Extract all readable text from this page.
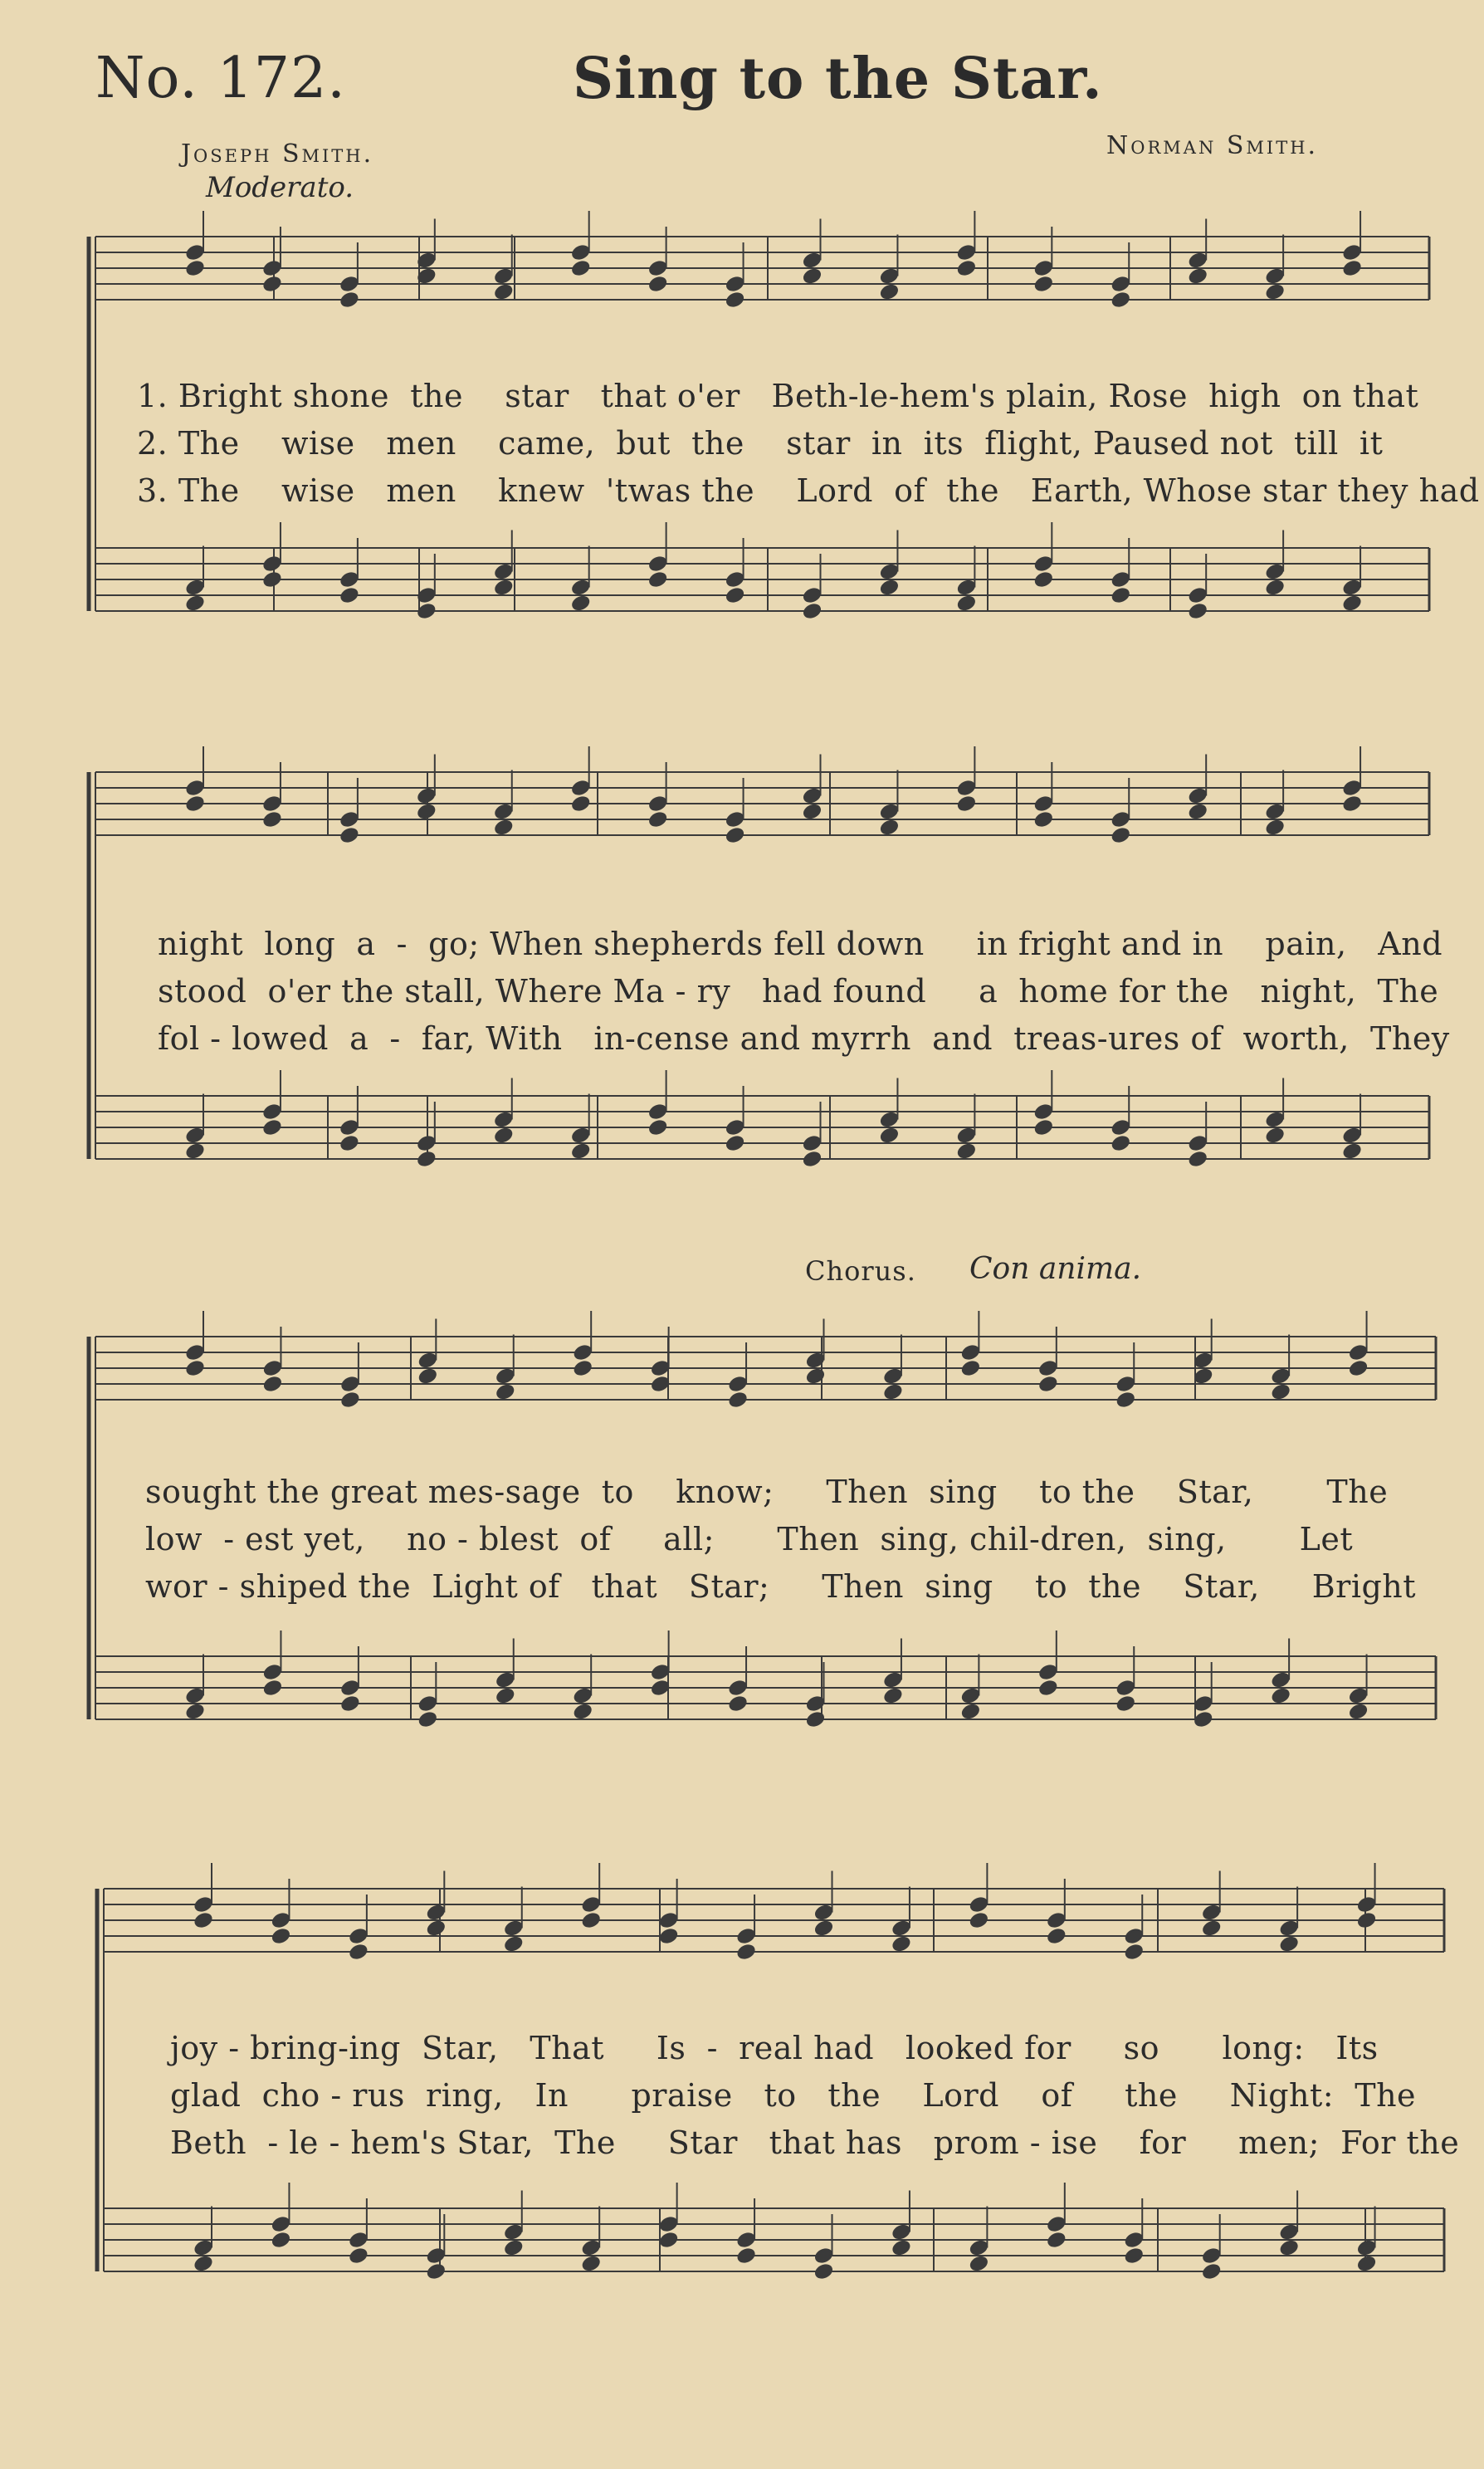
No. 172.	Sing to the Star.
Joseph Smith.	Norman Smith.
Moderato.
Chorus. Con anima.
1. Bright shone  the    star   that o'er   Beth-le-hem's plain, Rose  high  on that
2. The    wise   men    came,  but  the    star  in  its  flight, Paused not  till  it
3. The    wise   men    knew  'twas the    Lord  of  the   Earth, Whose star they had
night  long  a  -  go; When shepherds fell down     in fright and in    pain,   And
stood  o'er the stall, Where Ma - ry   had found     a  home for the   night,  The
fol - lowed  a  -  far, With   in-cense and myrrh  and  treas-ures of  worth,  They
sought the great mes-sage  to    know;     Then  sing    to the    Star,       The
low  - est yet,    no - blest  of     all;      Then  sing, chil-dren,  sing,       Let
wor - shiped the  Light of   that   Star;     Then  sing    to  the    Star,     Bright
joy - bring-ing  Star,   That     Is  -  real had   looked for     so      long:   Its
glad  cho - rus  ring,   In      praise   to   the    Lord    of     the     Night:  The
Beth  - le - hem's Star,  The     Star   that has   prom - ise    for     men;  For the
